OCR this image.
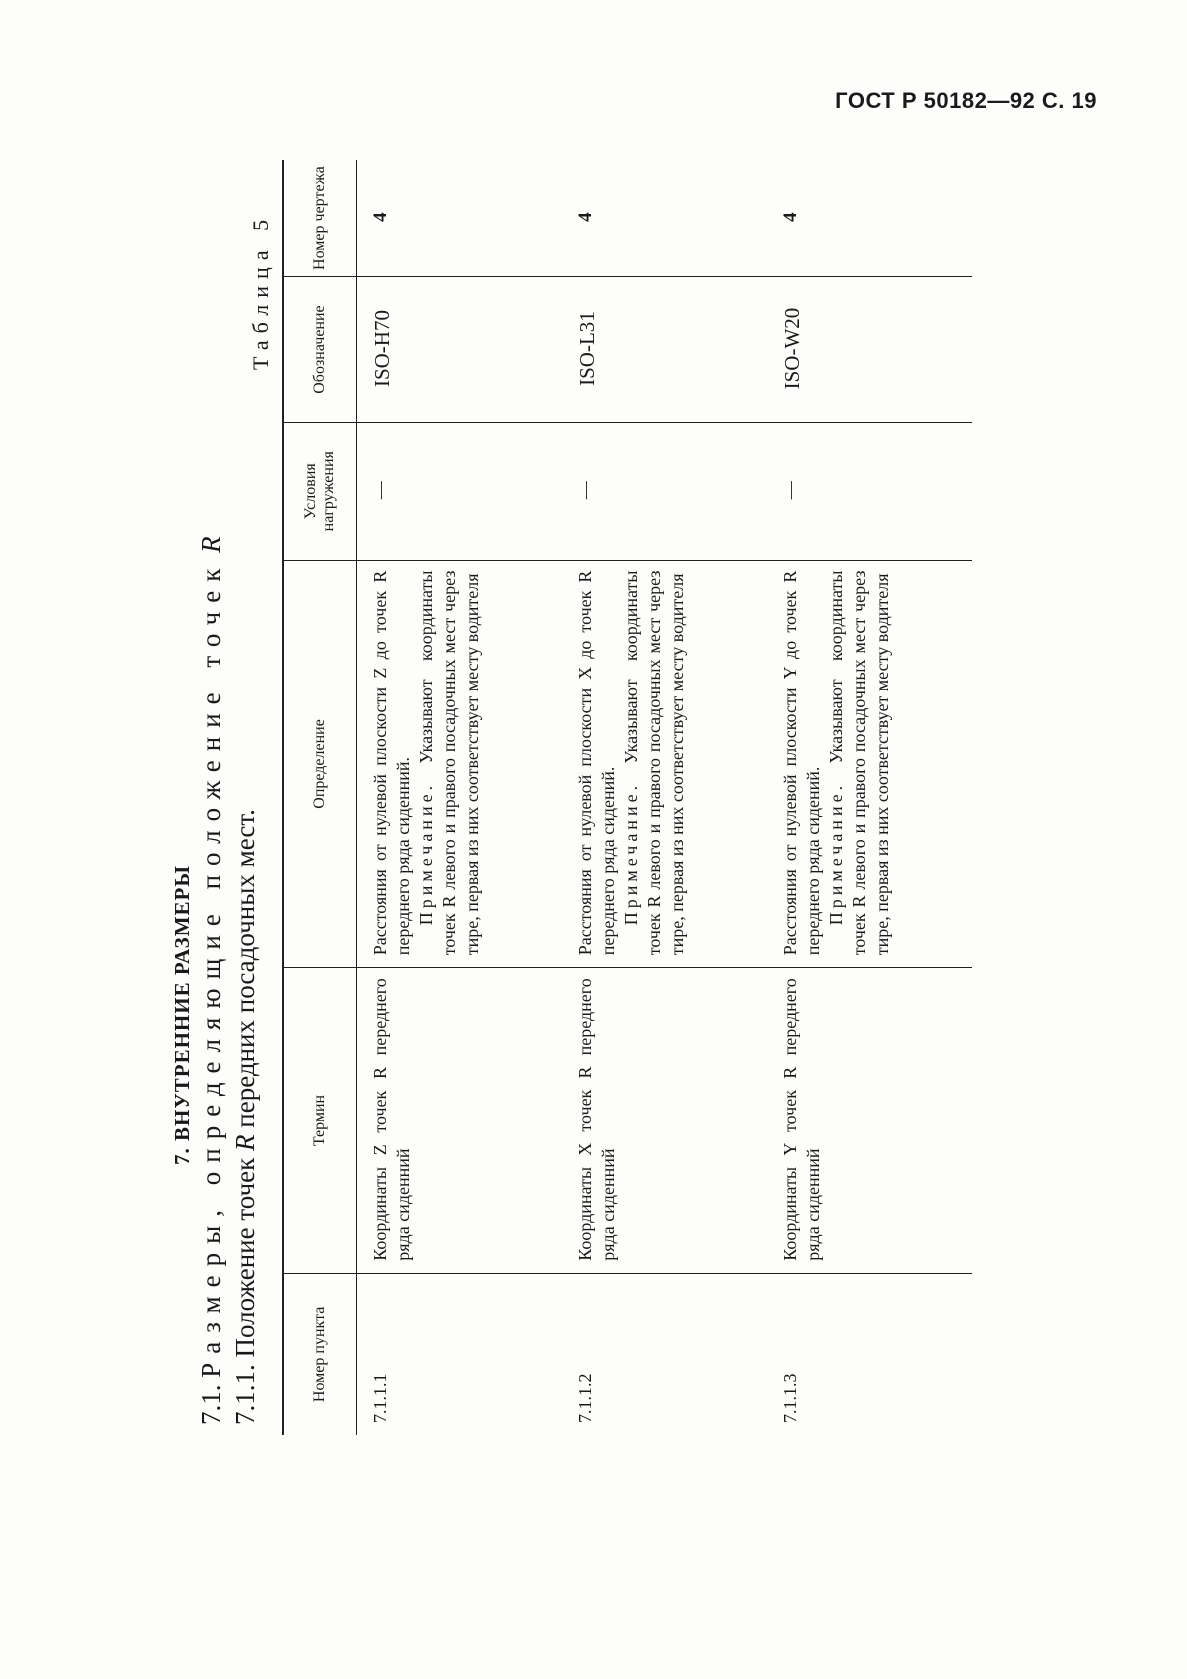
ГОСТ Р 50182—92 С. 19
7. ВНУТРЕННИЕ РАЗМЕРЫ
7.1. Размеры, определяющие положение точек R
7.1.1. Положение точек R передних посадочных мест.
Таблица 5
Номер пункта	Термин	Определение	Условия нагружения	Обозначение	Номер чертежа
7.1.1.1	Координаты Z точек R переднего ряда сиденний	Расстояния от нулевой плоскости Z до точек R переднего ряда сиденний. Примечание. Указывают координаты точек R левого и правого посадочных мест через тире, первая из них соответствует месту водителя	—	ISO-H70	4
7.1.1.2	Координаты X точек R переднего ряда сиденний	Расстояния от нулевой плоскости X до точек R переднего ряда сидений. Примечание. Указывают координаты точек R левого и правого посадочных мест через тире, первая из них соответствует месту водителя	—	ISO-L31	4
7.1.1.3	Координаты Y точек R переднего ряда сиденний	Расстояния от нулевой плоскости Y до точек R переднего ряда сидений. Примечание. Указывают координаты точек R левого и правого посадочных мест через тире, первая из них соответствует месту водителя	—	ISO-W20	4
